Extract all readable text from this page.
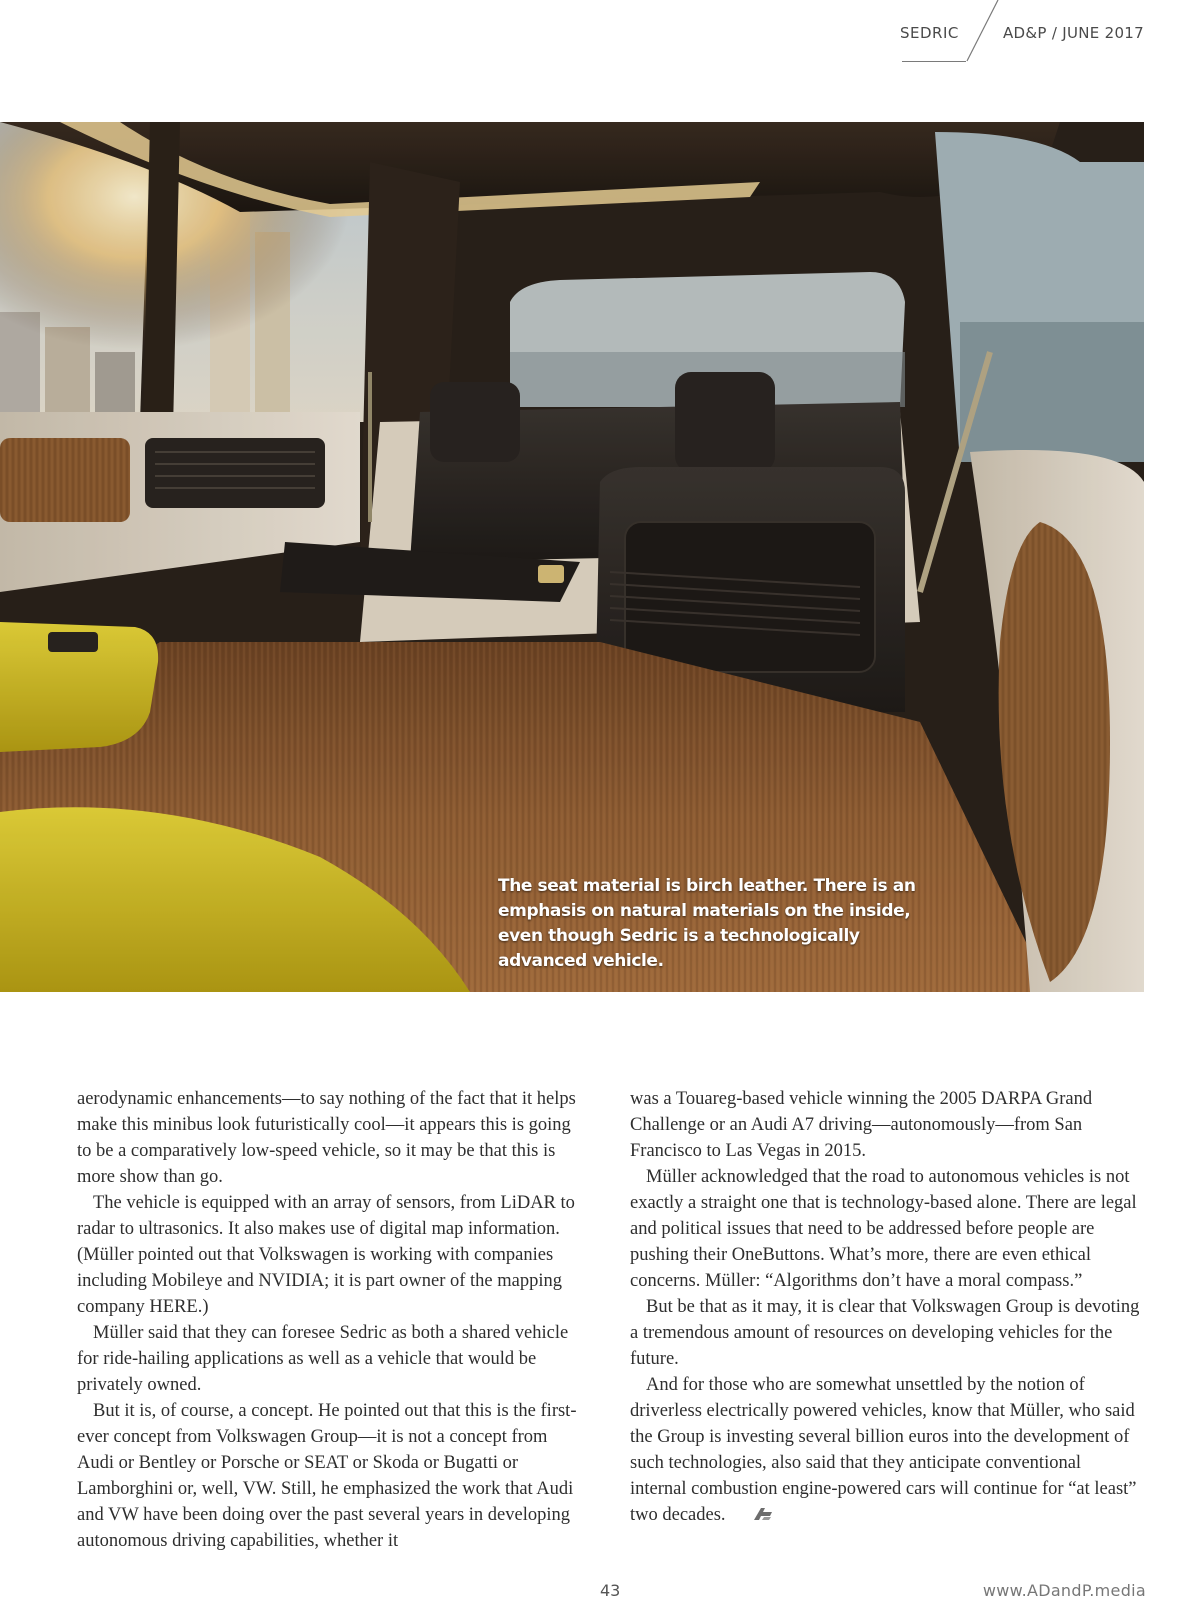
SEDRIC	AD&P / JUNE 2017
The seat material is birch leather. There is an emphasis on natural materials on the inside, even though Sedric is a technologically advanced vehicle.

aerodynamic enhancements—to say nothing of the fact that it helps make this minibus look futuristically cool—it appears this is going to be a comparatively low-speed vehicle, so it may be that this is more show than go.

The vehicle is equipped with an array of sensors, from LiDAR to radar to ultrasonics. It also makes use of digital map information. (Müller pointed out that Volkswagen is working with companies including Mobileye and NVIDIA; it is part owner of the mapping company HERE.)

Müller said that they can foresee Sedric as both a shared vehicle for ride-hailing applications as well as a vehicle that would be privately owned.

But it is, of course, a concept. He pointed out that this is the first-ever concept from Volkswagen Group—it is not a concept from Audi or Bentley or Porsche or SEAT or Skoda or Bugatti or Lamborghini or, well, VW. Still, he emphasized the work that Audi and VW have been doing over the past several years in developing autonomous driving capabilities, whether it

was a Touareg-based vehicle winning the 2005 DARPA Grand Challenge or an Audi A7 driving—autonomously—from San Francisco to Las Vegas in 2015.

Müller acknowledged that the road to autonomous vehicles is not exactly a straight one that is technology-based alone. There are legal and political issues that need to be addressed before people are pushing their OneButtons. What’s more, there are even ethical concerns. Müller: “Algorithms don’t have a moral compass.”

But be that as it may, it is clear that Volkswagen Group is devoting a tremendous amount of resources on developing vehicles for the future.

And for those who are somewhat unsettled by the notion of driverless electrically powered vehicles, know that Müller, who said the Group is investing several billion euros into the development of such technologies, also said that they anticipate conventional internal combustion engine-powered cars will continue for “at least” two decades.

43	www.ADandP.media
